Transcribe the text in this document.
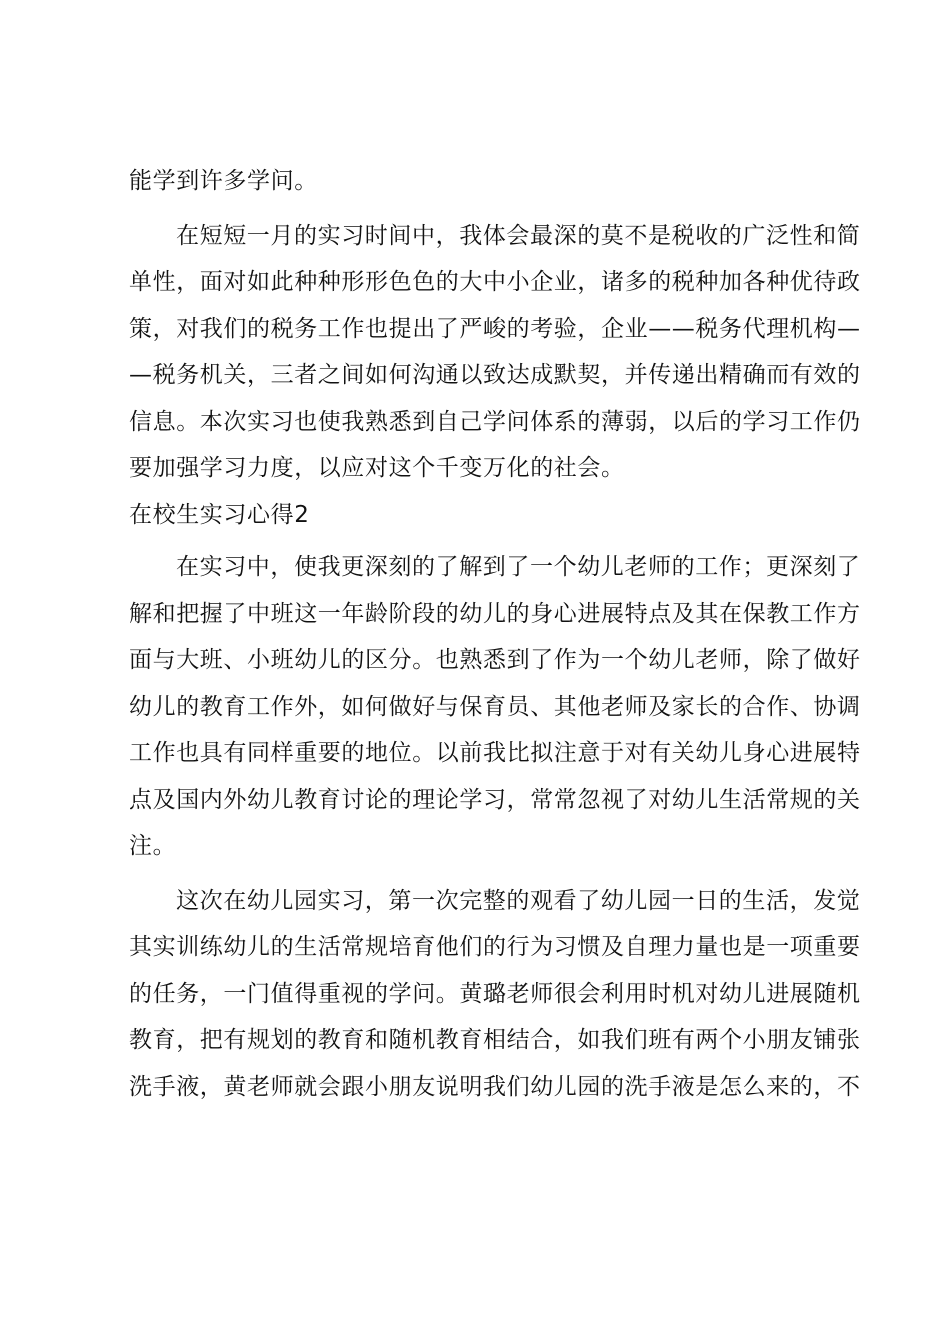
能学到许多学问。
在短短一月的实习时间中，我体会最深的莫不是税收的广泛性和简
单性，面对如此种种形形色色的大中小企业，诸多的税种加各种优待政
策，对我们的税务工作也提出了严峻的考验，企业——税务代理机构—
—税务机关，三者之间如何沟通以致达成默契，并传递出精确而有效的
信息。本次实习也使我熟悉到自己学问体系的薄弱，以后的学习工作仍
要加强学习力度，以应对这个千变万化的社会。
在校生实习心得2
在实习中，使我更深刻的了解到了一个幼儿老师的工作；更深刻了
解和把握了中班这一年龄阶段的幼儿的身心进展特点及其在保教工作方
面与大班、小班幼儿的区分。也熟悉到了作为一个幼儿老师，除了做好
幼儿的教育工作外，如何做好与保育员、其他老师及家长的合作、协调
工作也具有同样重要的地位。以前我比拟注意于对有关幼儿身心进展特
点及国内外幼儿教育讨论的理论学习，常常忽视了对幼儿生活常规的关
注。
这次在幼儿园实习，第一次完整的观看了幼儿园一日的生活，发觉
其实训练幼儿的生活常规培育他们的行为习惯及自理力量也是一项重要
的任务，一门值得重视的学问。黄璐老师很会利用时机对幼儿进展随机
教育，把有规划的教育和随机教育相结合，如我们班有两个小朋友铺张
洗手液，黄老师就会跟小朋友说明我们幼儿园的洗手液是怎么来的，不
